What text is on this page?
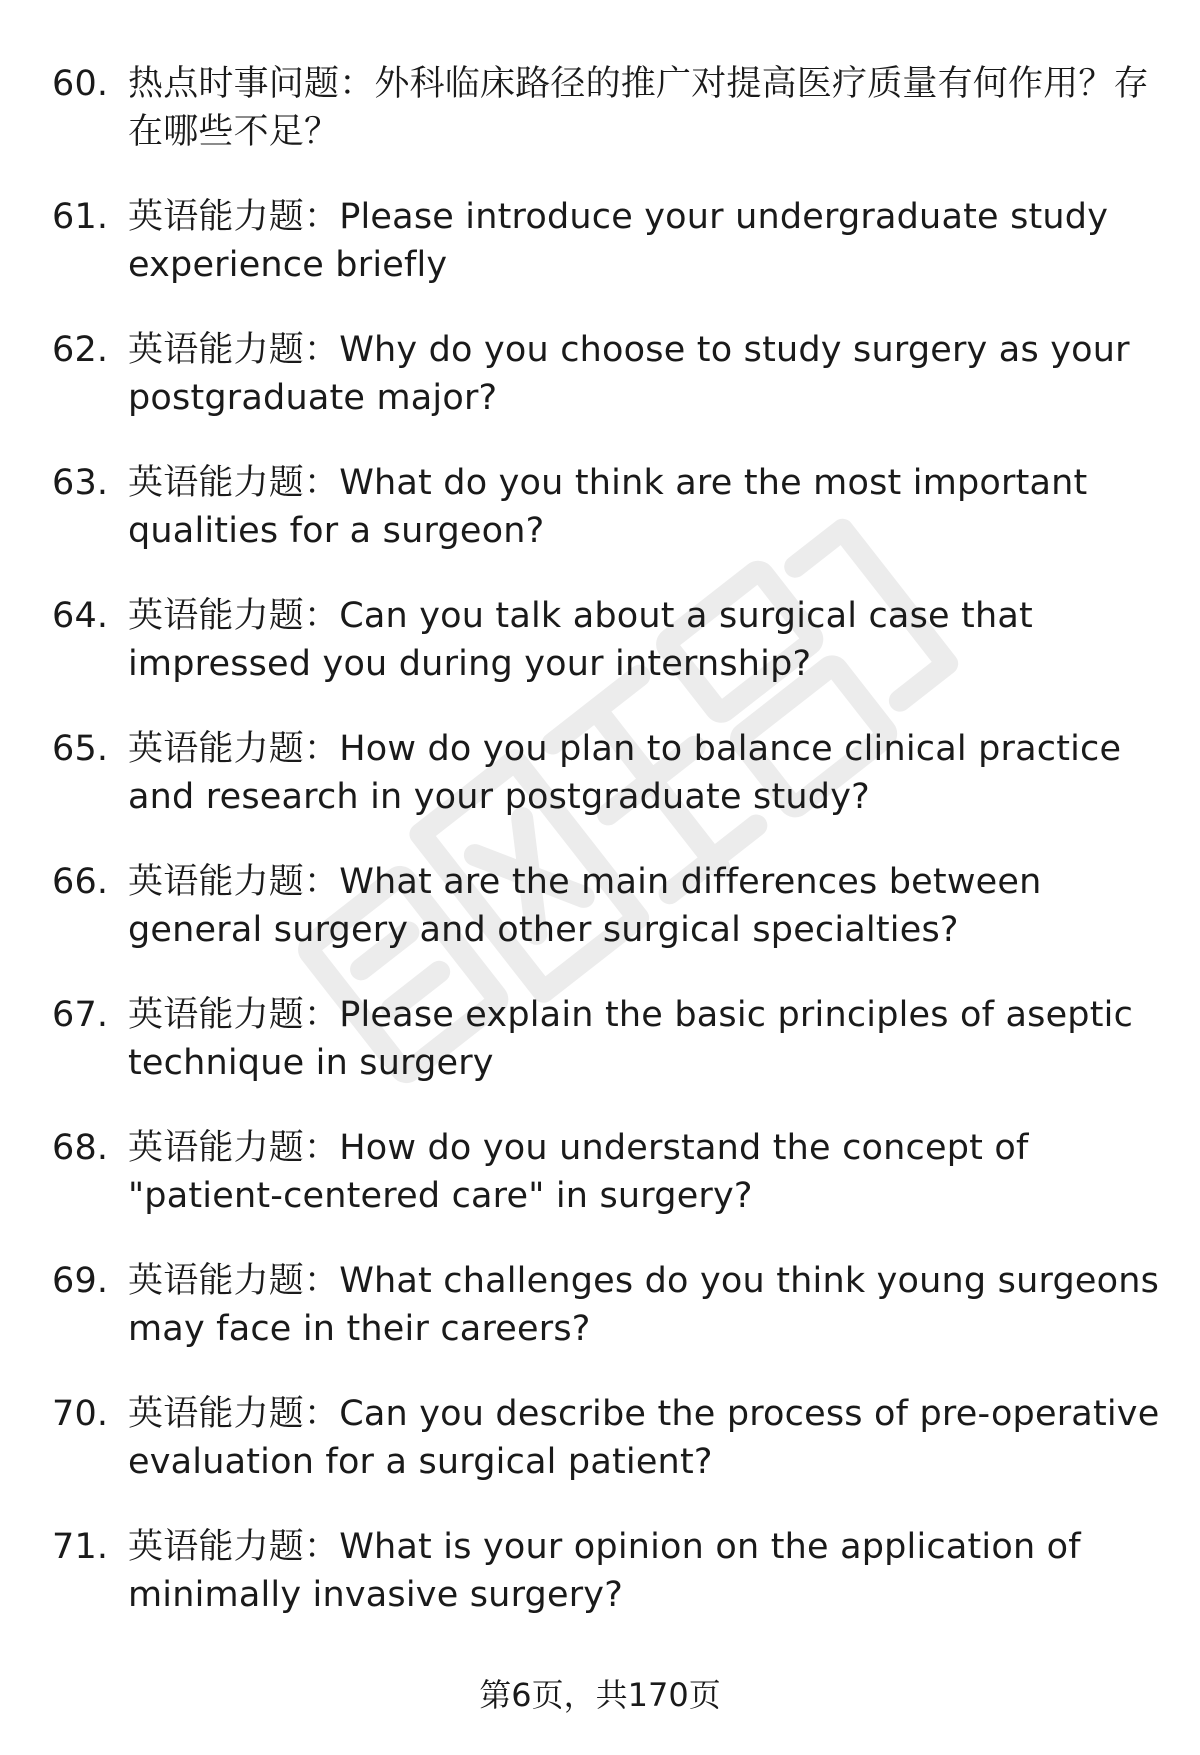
60. 热点时事问题：外科临床路径的推广对提高医疗质量有何作用？存在哪些不足？
61. 英语能力题：Please introduce your undergraduate study experience briefly
62. 英语能力题：Why do you choose to study surgery as your postgraduate major?
63. 英语能力题：What do you think are the most important qualities for a surgeon?
64. 英语能力题：Can you talk about a surgical case that impressed you during your internship?
65. 英语能力题：How do you plan to balance clinical practice and research in your postgraduate study?
66. 英语能力题：What are the main differences between general surgery and other surgical specialties?
67. 英语能力题：Please explain the basic principles of aseptic technique in surgery
68. 英语能力题：How do you understand the concept of "patient-centered care" in surgery?
69. 英语能力题：What challenges do you think young surgeons may face in their careers?
70. 英语能力题：Can you describe the process of pre-operative evaluation for a surgical patient?
71. 英语能力题：What is your opinion on the application of minimally invasive surgery?
第6页，共170页
